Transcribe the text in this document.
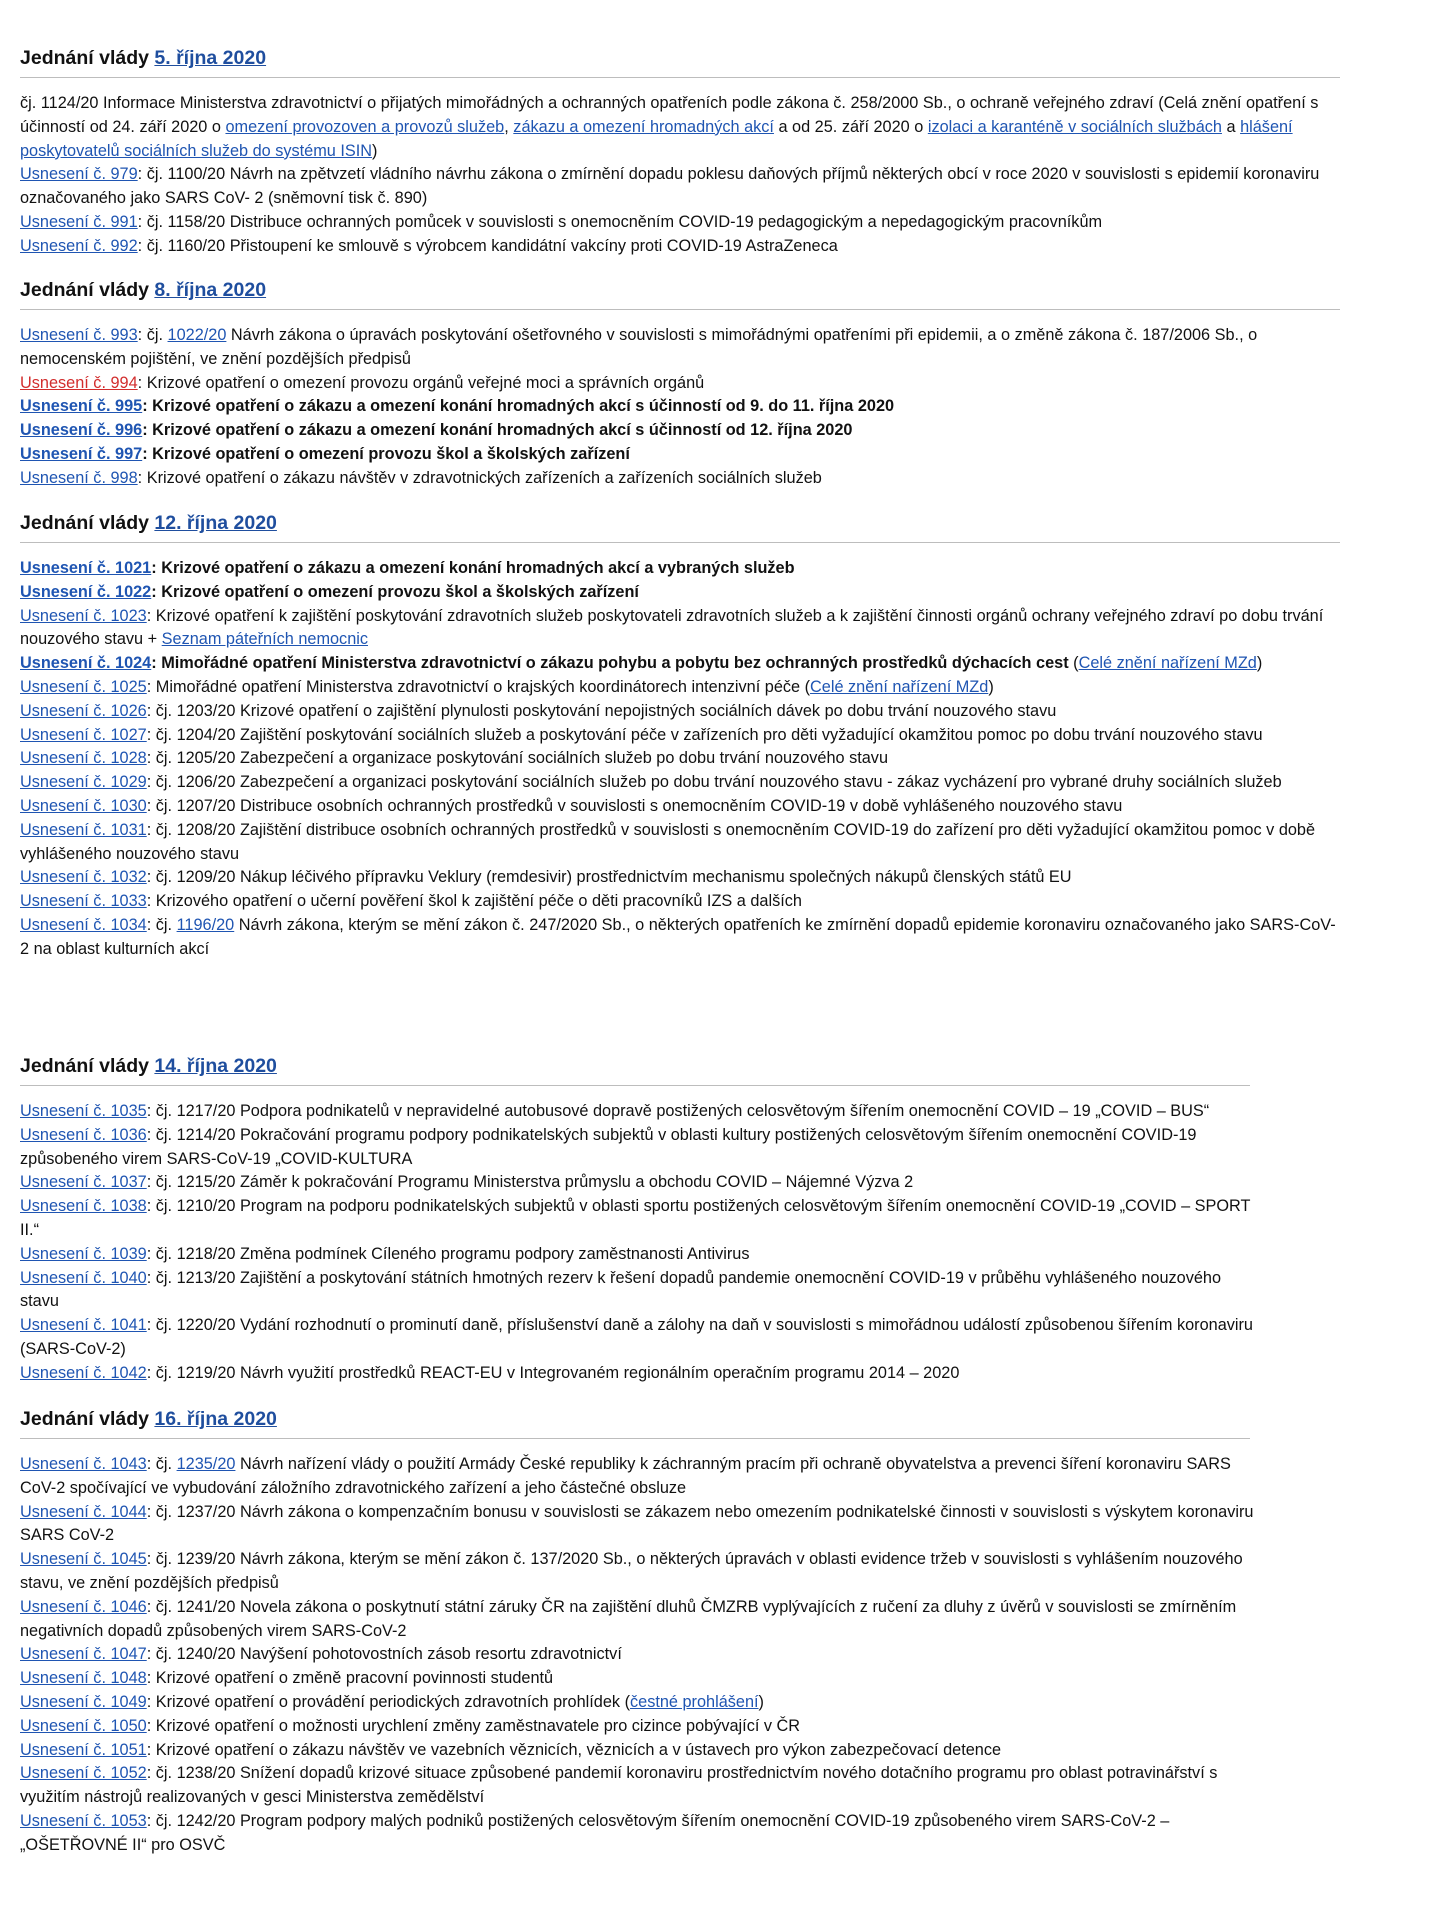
Jednání vlády 5. října 2020
čj. 1124/20 Informace Ministerstva zdravotnictví o přijatých mimořádných a ochranných opatřeních podle zákona č. 258/2000 Sb., o ochraně veřejného zdraví (Celá znění opatření s účinností od 24. září 2020 o omezení provozoven a provozů služeb, zákazu a omezení hromadných akcí a od 25. září 2020 o izolaci a karanténě v sociálních službách a hlášení poskytovatelů sociálních služeb do systému ISIN)
Usnesení č. 979: čj. 1100/20 Návrh na zpětvzetí vládního návrhu zákona o zmírnění dopadu poklesu daňových příjmů některých obcí v roce 2020 v souvislosti s epidemií koronaviru označovaného jako SARS CoV- 2 (sněmovní tisk č. 890)
Usnesení č. 991: čj. 1158/20 Distribuce ochranných pomůcek v souvislosti s onemocněním COVID-19 pedagogickým a nepedagogickým pracovníkům
Usnesení č. 992: čj. 1160/20 Přistoupení ke smlouvě s výrobcem kandidátní vakcíny proti COVID-19 AstraZeneca
Jednání vlády 8. října 2020
Usnesení č. 993: čj. 1022/20 Návrh zákona o úpravách poskytování ošetřovného v souvislosti s mimořádnými opatřeními při epidemii, a o změně zákona č. 187/2006 Sb., o nemocenském pojištění, ve znění pozdějších předpisů
Usnesení č. 994: Krizové opatření o omezení provozu orgánů veřejné moci a správních orgánů
Usnesení č. 995: Krizové opatření o zákazu a omezení konání hromadných akcí s účinností od 9. do 11. října 2020
Usnesení č. 996: Krizové opatření o zákazu a omezení konání hromadných akcí s účinností od 12. října 2020
Usnesení č. 997: Krizové opatření o omezení provozu škol a školských zařízení
Usnesení č. 998: Krizové opatření o zákazu návštěv v zdravotnických zařízeních a zařízeních sociálních služeb
Jednání vlády 12. října 2020
Usnesení č. 1021: Krizové opatření o zákazu a omezení konání hromadných akcí a vybraných služeb
Usnesení č. 1022: Krizové opatření o omezení provozu škol a školských zařízení
Usnesení č. 1023: Krizové opatření k zajištění poskytování zdravotních služeb poskytovateli zdravotních služeb a k zajištění činnosti orgánů ochrany veřejného zdraví po dobu trvání nouzového stavu + Seznam páteřních nemocnic
Usnesení č. 1024: Mimořádné opatření Ministerstva zdravotnictví o zákazu pohybu a pobytu bez ochranných prostředků dýchacích cest (Celé znění nařízení MZd)
Usnesení č. 1025: Mimořádné opatření Ministerstva zdravotnictví o krajských koordinátorech intenzivní péče (Celé znění nařízení MZd)
Usnesení č. 1026: čj. 1203/20 Krizové opatření o zajištění plynulosti poskytování nepojistných sociálních dávek po dobu trvání nouzového stavu
Usnesení č. 1027: čj. 1204/20 Zajištění poskytování sociálních služeb a poskytování péče v zařízeních pro děti vyžadující okamžitou pomoc po dobu trvání nouzového stavu
Usnesení č. 1028: čj. 1205/20 Zabezpečení a organizace poskytování sociálních služeb po dobu trvání nouzového stavu
Usnesení č. 1029: čj. 1206/20 Zabezpečení a organizaci poskytování sociálních služeb po dobu trvání nouzového stavu - zákaz vycházení pro vybrané druhy sociálních služeb
Usnesení č. 1030: čj. 1207/20 Distribuce osobních ochranných prostředků v souvislosti s onemocněním COVID-19 v době vyhlášeného nouzového stavu
Usnesení č. 1031: čj. 1208/20 Zajištění distribuce osobních ochranných prostředků v souvislosti s onemocněním COVID-19 do zařízení pro děti vyžadující okamžitou pomoc v době vyhlášeného nouzového stavu
Usnesení č. 1032: čj. 1209/20 Nákup léčivého přípravku Veklury (remdesivir) prostřednictvím mechanismu společných nákupů členských států EU
Usnesení č. 1033: Krizového opatření o učerní pověření škol k zajištění péče o děti pracovníků IZS a dalších
Usnesení č. 1034: čj. 1196/20 Návrh zákona, kterým se mění zákon č. 247/2020 Sb., o některých opatřeních ke zmírnění dopadů epidemie koronaviru označovaného jako SARS-CoV-2 na oblast kulturních akcí
Jednání vlády 14. října 2020
Usnesení č. 1035: čj. 1217/20 Podpora podnikatelů v nepravidelné autobusové dopravě postižených celosvětovým šířením onemocnění COVID – 19 „COVID – BUS“
Usnesení č. 1036: čj. 1214/20 Pokračování programu podpory podnikatelských subjektů v oblasti kultury postižených celosvětovým šířením onemocnění COVID-19 způsobeného virem SARS-CoV-19 „COVID-KULTURA
Usnesení č. 1037: čj. 1215/20 Záměr k pokračování Programu Ministerstva průmyslu a obchodu COVID – Nájemné Výzva 2
Usnesení č. 1038: čj. 1210/20 Program na podporu podnikatelských subjektů v oblasti sportu postižených celosvětovým šířením onemocnění COVID-19 „COVID – SPORT II.“
Usnesení č. 1039: čj. 1218/20 Změna podmínek Cíleného programu podpory zaměstnanosti Antivirus
Usnesení č. 1040: čj. 1213/20 Zajištění a poskytování státních hmotných rezerv k řešení dopadů pandemie onemocnění COVID-19 v průběhu vyhlášeného nouzového stavu
Usnesení č. 1041: čj. 1220/20 Vydání rozhodnutí o prominutí daně, příslušenství daně a zálohy na daň v souvislosti s mimořádnou událostí způsobenou šířením koronaviru (SARS-CoV-2)
Usnesení č. 1042: čj. 1219/20 Návrh využití prostředků REACT-EU v Integrovaném regionálním operačním programu 2014 – 2020
Jednání vlády 16. října 2020
Usnesení č. 1043: čj. 1235/20 Návrh nařízení vlády o použití Armády České republiky k záchranným pracím při ochraně obyvatelstva a prevenci šíření koronaviru SARS CoV-2 spočívající ve vybudování záložního zdravotnického zařízení a jeho částečné obsluze
Usnesení č. 1044: čj. 1237/20 Návrh zákona o kompenzačním bonusu v souvislosti se zákazem nebo omezením podnikatelské činnosti v souvislosti s výskytem koronaviru SARS CoV-2
Usnesení č. 1045: čj. 1239/20 Návrh zákona, kterým se mění zákon č. 137/2020 Sb., o některých úpravách v oblasti evidence tržeb v souvislosti s vyhlášením nouzového stavu, ve znění pozdějších předpisů
Usnesení č. 1046: čj. 1241/20 Novela zákona o poskytnutí státní záruky ČR na zajištění dluhů ČMZRB vyplývajících z ručení za dluhy z úvěrů v souvislosti se zmírněním negativních dopadů způsobených virem SARS-CoV-2
Usnesení č. 1047: čj. 1240/20 Navýšení pohotovostních zásob resortu zdravotnictví
Usnesení č. 1048: Krizové opatření o změně pracovní povinnosti studentů
Usnesení č. 1049: Krizové opatření o provádění periodických zdravotních prohlídek (čestné prohlášení)
Usnesení č. 1050: Krizové opatření o možnosti urychlení změny zaměstnavatele pro cizince pobývající v ČR
Usnesení č. 1051: Krizové opatření o zákazu návštěv ve vazebních věznicích, věznicích a v ústavech pro výkon zabezpečovací detence
Usnesení č. 1052: čj. 1238/20 Snížení dopadů krizové situace způsobené pandemií koronaviru prostřednictvím nového dotačního programu pro oblast potravinářství s využitím nástrojů realizovaných v gesci Ministerstva zemědělství
Usnesení č. 1053: čj. 1242/20 Program podpory malých podniků postižených celosvětovým šířením onemocnění COVID-19 způsobeného virem SARS-CoV-2 – „OŠETŘOVNÉ II“ pro OSVČ
